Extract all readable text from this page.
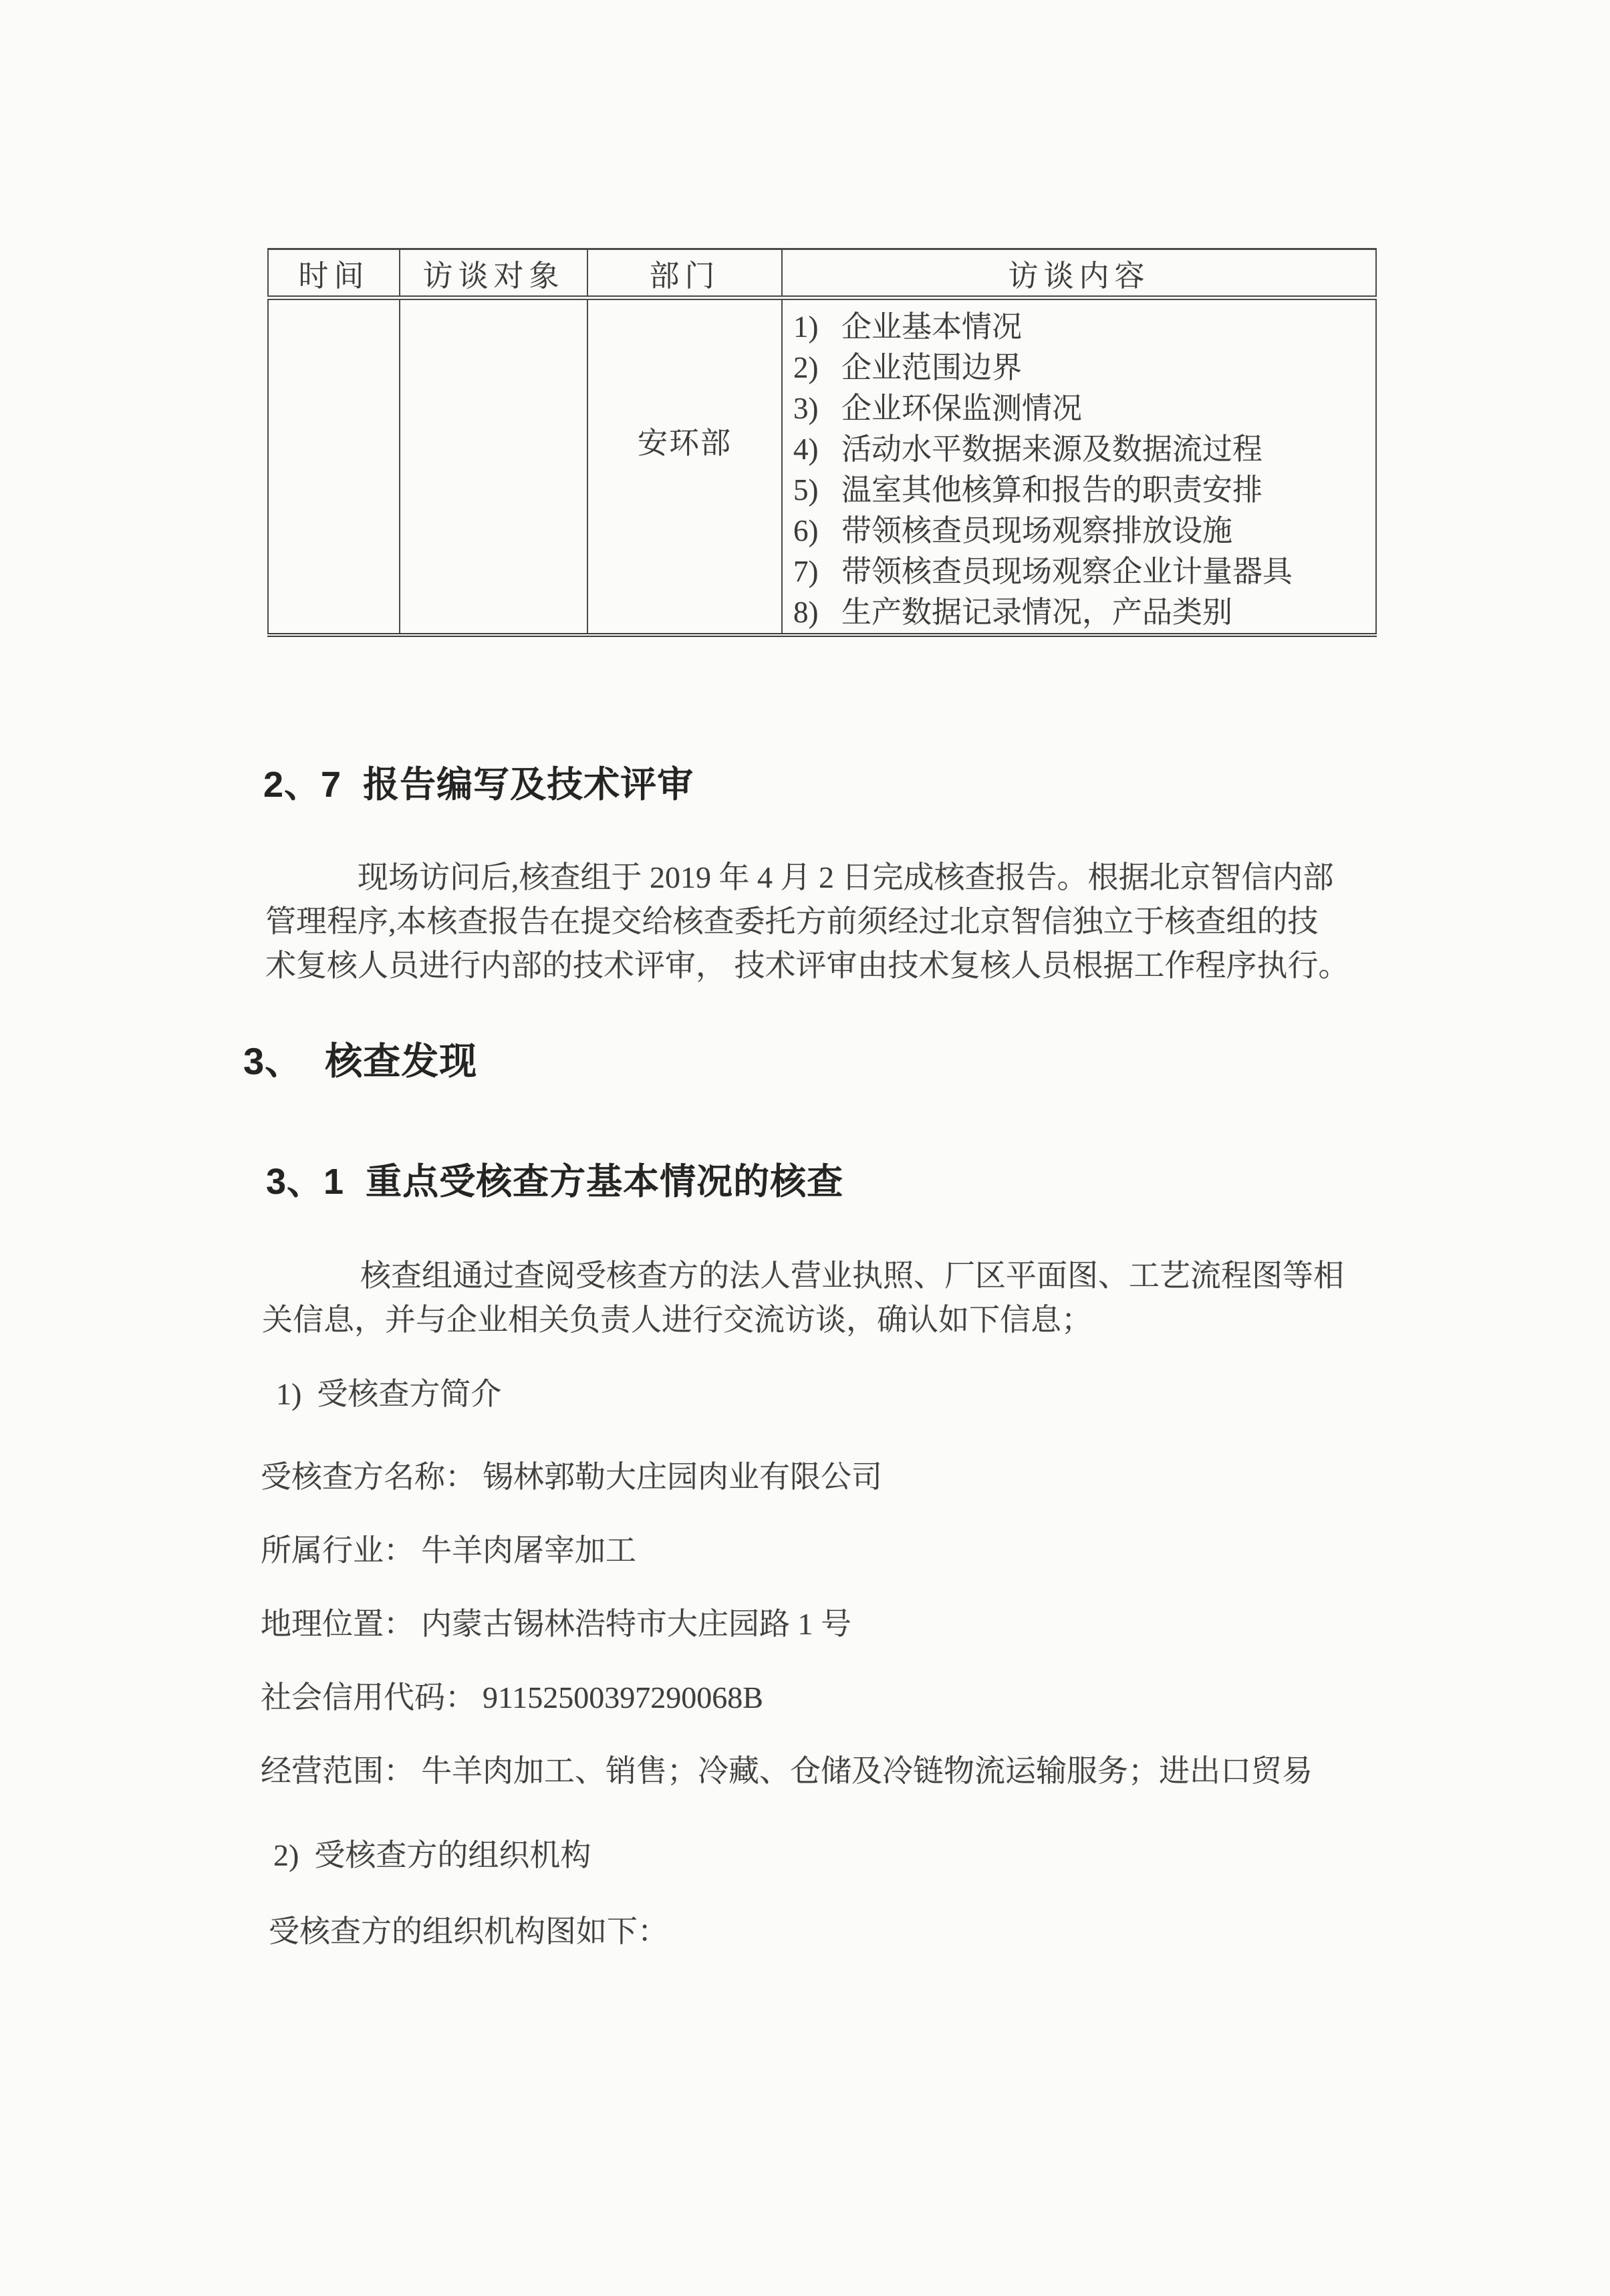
时间	访谈对象	部门	访谈内容
		安环部	
1) 企业基本情况
2) 企业范围边界
3) 企业环保监测情况
4) 活动水平数据来源及数据流过程
5) 温室其他核算和报告的职责安排
6) 带领核查员现场观察排放设施
7) 带领核查员现场观察企业计量器具
8) 生产数据记录情况，产品类别
2、7  报告编写及技术评审
现场访问后,核查组于 2019 年 4 月 2 日完成核查报告。根据北京智信内部
管理程序,本核查报告在提交给核查委托方前须经过北京智信独立于核查组的技
术复核人员进行内部的技术评审， 技术评审由技术复核人员根据工作程序执行。
3、  核查发现
3、1  重点受核查方基本情况的核查
核查组通过查阅受核查方的法人营业执照、厂区平面图、工艺流程图等相
关信息，并与企业相关负责人进行交流访谈，确认如下信息；
1)  受核查方简介
受核查方名称： 锡林郭勒大庄园肉业有限公司
所属行业： 牛羊肉屠宰加工
地理位置： 内蒙古锡林浩特市大庄园路 1 号
社会信用代码： 91152500397290068B
经营范围： 牛羊肉加工、销售；冷藏、仓储及冷链物流运输服务；进出口贸易
2)  受核查方的组织机构
受核查方的组织机构图如下：
